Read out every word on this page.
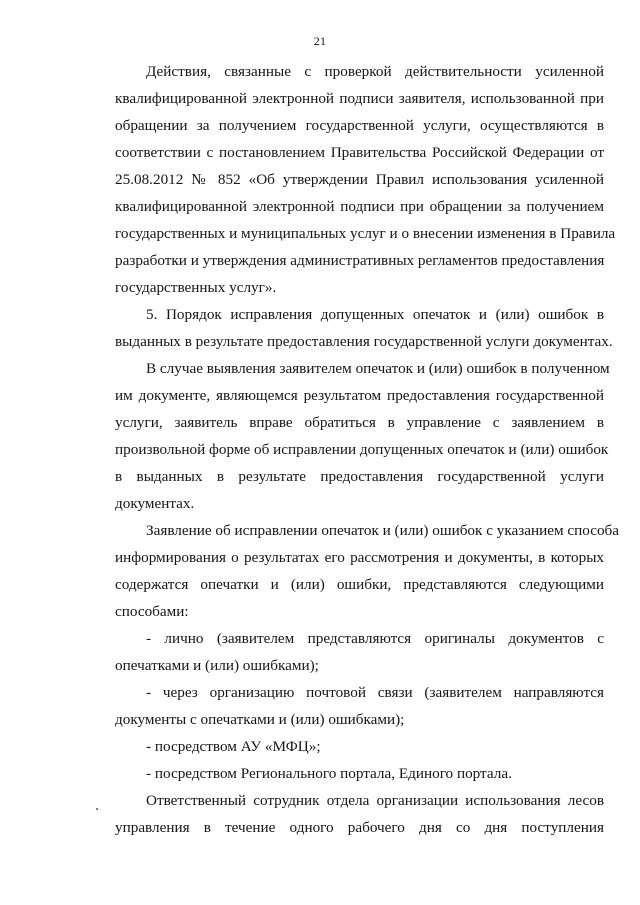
21
Действия, связанные с проверкой действительности усиленной
квалифицированной электронной подписи заявителя, использованной при
обращении за получением государственной услуги, осуществляются в
соответствии с постановлением Правительства Российской Федерации от
25.08.2012 № 852 «Об утверждении Правил использования усиленной
квалифицированной электронной подписи при обращении за получением
государственных и муниципальных услуг и о внесении изменения в Правила
разработки и утверждения административных регламентов предоставления
государственных услуг».
5. Порядок исправления допущенных опечаток и (или) ошибок в
выданных в результате предоставления государственной услуги документах.
В случае выявления заявителем опечаток и (или) ошибок в полученном
им документе, являющемся результатом предоставления государственной
услуги, заявитель вправе обратиться в управление с заявлением в
произвольной форме об исправлении допущенных опечаток и (или) ошибок
в выданных в результате предоставления государственной услуги
документах.
Заявление об исправлении опечаток и (или) ошибок с указанием способа
информирования о результатах его рассмотрения и документы, в которых
содержатся опечатки и (или) ошибки, представляются следующими
способами:
- лично (заявителем представляются оригиналы документов с
опечатками и (или) ошибками);
- через организацию почтовой связи (заявителем направляются
документы с опечатками и (или) ошибками);
- посредством АУ «МФЦ»;
- посредством Регионального портала, Единого портала.
Ответственный сотрудник отдела организации использования лесов
управления в течение одного рабочего дня со дня поступления
